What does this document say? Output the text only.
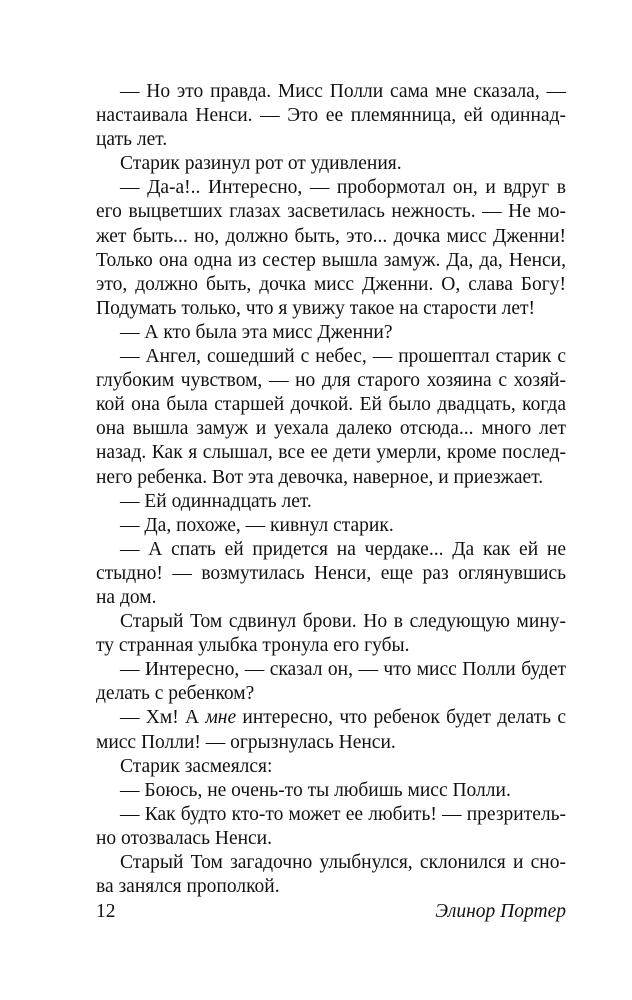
— Но это правда. Мисс Полли сама мне сказала, —
настаивала Ненси. — Это ее племянница, ей одиннад-
цать лет.
Старик разинул рот от удивления.
— Да-а!.. Интересно, — пробормотал он, и вдруг в
его выцветших глазах засветилась нежность. — Не мо-
жет быть... но, должно быть, это... дочка мисс Дженни!
Только она одна из сестер вышла замуж. Да, да, Ненси,
это, должно быть, дочка мисс Дженни. О, слава Богу!
Подумать только, что я увижу такое на старости лет!
— А кто была эта мисс Дженни?
— Ангел, сошедший с небес, — прошептал старик с
глубоким чувством, — но для старого хозяина с хозяй-
кой она была старшей дочкой. Ей было двадцать, когда
она вышла замуж и уехала далеко отсюда... много лет
назад. Как я слышал, все ее дети умерли, кроме послед-
него ребенка. Вот эта девочка, наверное, и приезжает.
— Ей одиннадцать лет.
— Да, похоже, — кивнул старик.
— А спать ей придется на чердаке... Да как ей не
стыдно! — возмутилась Ненси, еще раз оглянувшись
на дом.
Старый Том сдвинул брови. Но в следующую мину-
ту странная улыбка тронула его губы.
— Интересно, — сказал он, — что мисс Полли будет
делать с ребенком?
— Хм! А мне интересно, что ребенок будет делать с
мисс Полли! — огрызнулась Ненси.
Старик засмеялся:
— Боюсь, не очень-то ты любишь мисс Полли.
— Как будто кто-то может ее любить! — презритель-
но отозвалась Ненси.
Старый Том загадочно улыбнулся, склонился и сно-
ва занялся прополкой.
12	Элинор Портер
